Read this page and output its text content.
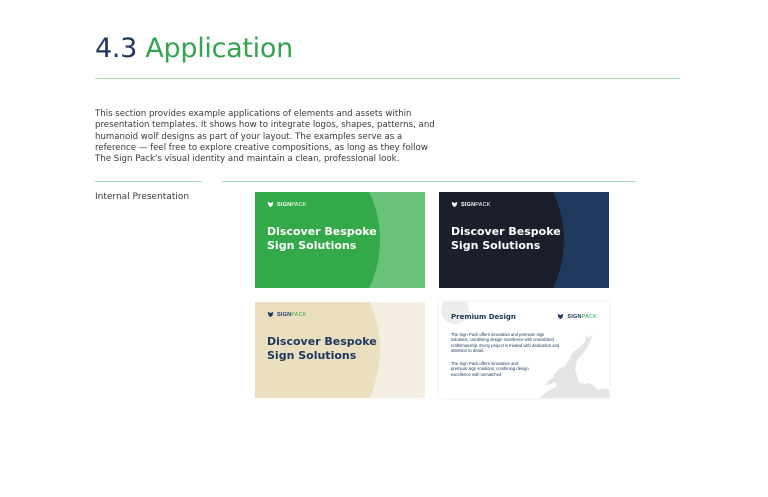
4.3 Application

This section provides example applications of elements and assets within presentation templates. It shows how to integrate logos, shapes, patterns, and humanoid wolf designs as part of your layout. The examples serve as a reference — feel free to explore creative compositions, as long as they follow The Sign Pack's visual identity and maintain a clean, professional look.

Internal Presentation
SIGNPACK

Discover Bespoke Sign Solutions

SIGNPACK

Discover Bespoke Sign Solutions

SIGNPACK

Discover Bespoke Sign Solutions

Premium Design	SIGNPACK

The Sign Pack offers innovative and premium sign solutions, combining design excellence with unmatched craftsmanship. Every project is treated with dedication and attention to detail.

The Sign Pack offers innovative and premium sign solutions, combining design excellence with unmatched
